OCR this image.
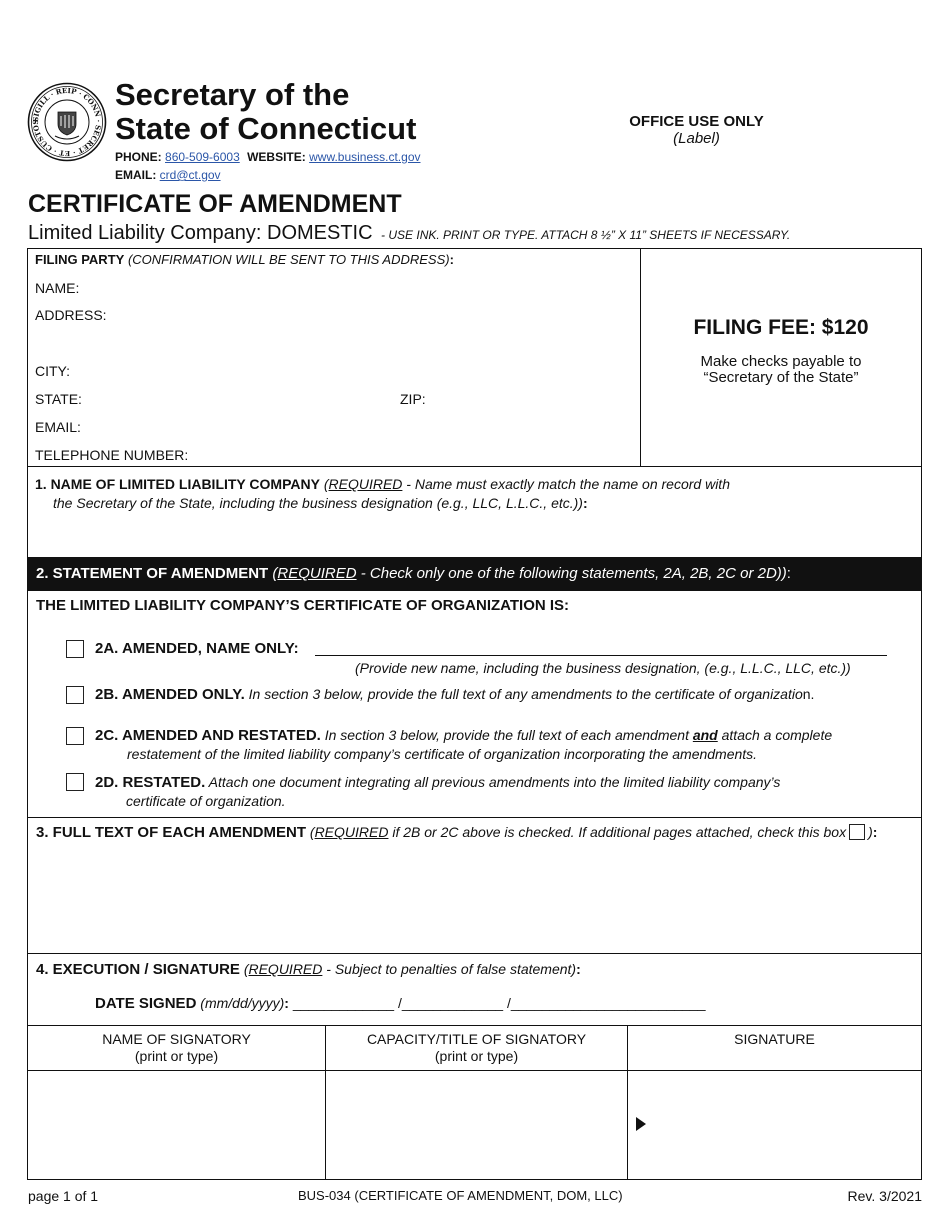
SIGILL · REIP · CONN · SECRET · ET · CUSTOS
Secretary of the
State of Connecticut
PHONE: 860-509-6003 WEBSITE: www.business.ct.gov
EMAIL: crd@ct.gov
OFFICE USE ONLY
(Label)
CERTIFICATE OF AMENDMENT
Limited Liability Company: DOMESTIC - USE INK. PRINT OR TYPE. ATTACH 8 ½” X 11” SHEETS IF NECESSARY.
FILING PARTY (CONFIRMATION WILL BE SENT TO THIS ADDRESS):
NAME:
ADDRESS:
CITY:
STATE:	ZIP:
EMAIL:
TELEPHONE NUMBER:
FILING FEE: $120
Make checks payable to
“Secretary of the State”
1. NAME OF LIMITED LIABILITY COMPANY (REQUIRED - Name must exactly match the name on record with
the Secretary of the State, including the business designation (e.g., LLC, L.L.C., etc.)):
2. STATEMENT OF AMENDMENT (REQUIRED - Check only one of the following statements, 2A, 2B, 2C or 2D)):
THE LIMITED LIABILITY COMPANY’S CERTIFICATE OF ORGANIZATION IS:
2A. AMENDED, NAME ONLY:
(Provide new name, including the business designation, (e.g., L.L.C., LLC, etc.))
2B. AMENDED ONLY. In section 3 below, provide the full text of any amendments to the certificate of organization.
2C. AMENDED AND RESTATED. In section 3 below, provide the full text of each amendment and attach a complete
restatement of the limited liability company’s certificate of organization incorporating the amendments.
2D. RESTATED. Attach one document integrating all previous amendments into the limited liability company’s
certificate of organization.
3. FULL TEXT OF EACH AMENDMENT (REQUIRED if 2B or 2C above is checked. If additional pages attached, check this box ):
4. EXECUTION / SIGNATURE (REQUIRED - Subject to penalties of false statement):
DATE SIGNED (mm/dd/yyyy): _____________ /_____________ /_________________________
NAME OF SIGNATORY
(print or type)
CAPACITY/TITLE OF SIGNATORY
(print or type)
SIGNATURE
page 1 of 1	BUS-034 (CERTIFICATE OF AMENDMENT, DOM, LLC)	Rev. 3/2021
